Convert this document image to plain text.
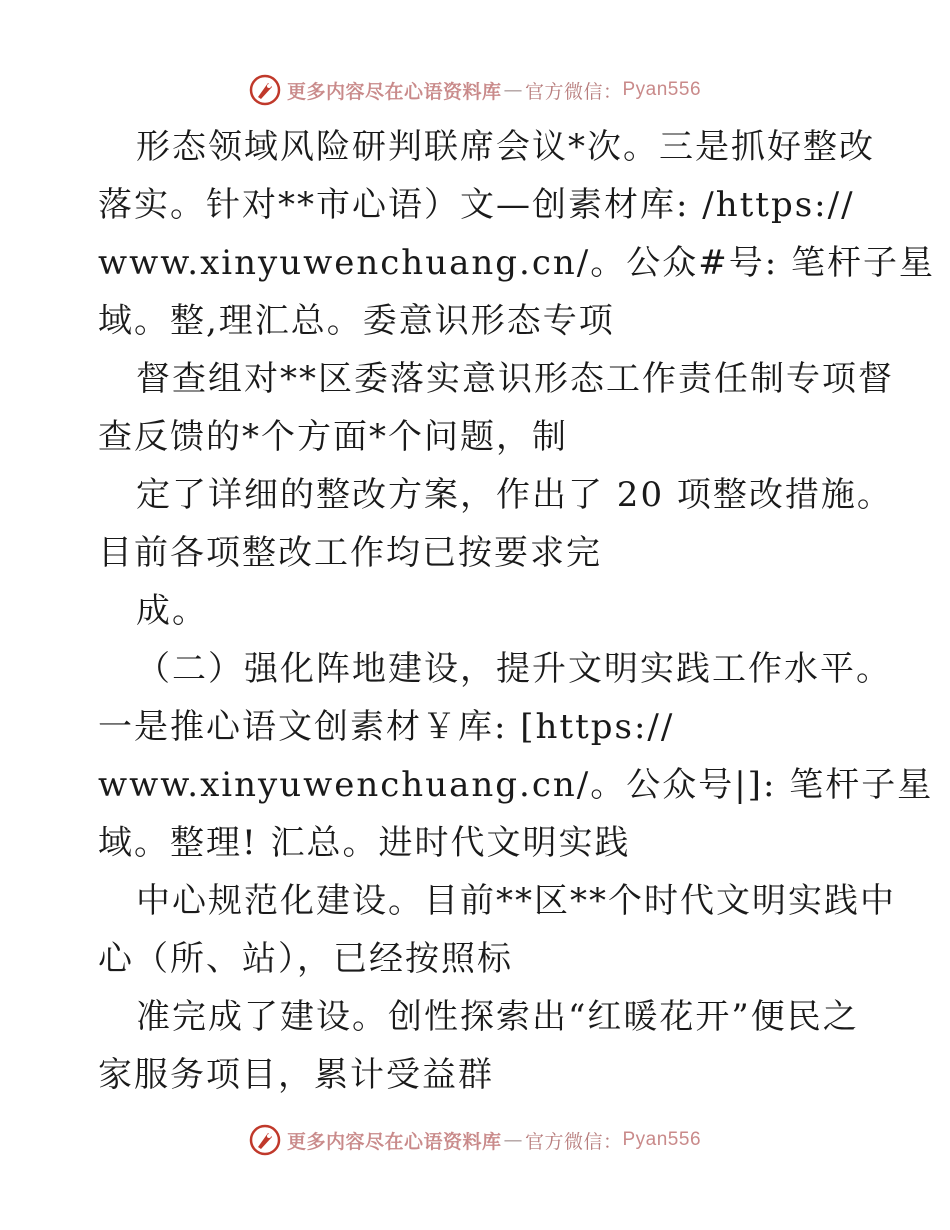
更多内容尽在心语资料库 — 官方微信： Pyan556
形态领域风险研判联席会议*次。三是抓好整改
落实。针对**市心语）文—创素材库: /https://
www.xinyuwenchuang.cn/。公众#号: 笔杆子星
域。整,理汇总。委意识形态专项
督查组对**区委落实意识形态工作责任制专项督
查反馈的*个方面*个问题，制
定了详细的整改方案，作出了 20 项整改措施。
目前各项整改工作均已按要求完
成。
（二）强化阵地建设，提升文明实践工作水平。
一是推心语文创素材￥库: [https://
www.xinyuwenchuang.cn/。公众号|]: 笔杆子星
域。整理! 汇总。进时代文明实践
中心规范化建设。目前**区**个时代文明实践中
心（所、站），已经按照标
准完成了建设。创性探索出“红暖花开”便民之
家服务项目，累计受益群
更多内容尽在心语资料库 — 官方微信： Pyan556
